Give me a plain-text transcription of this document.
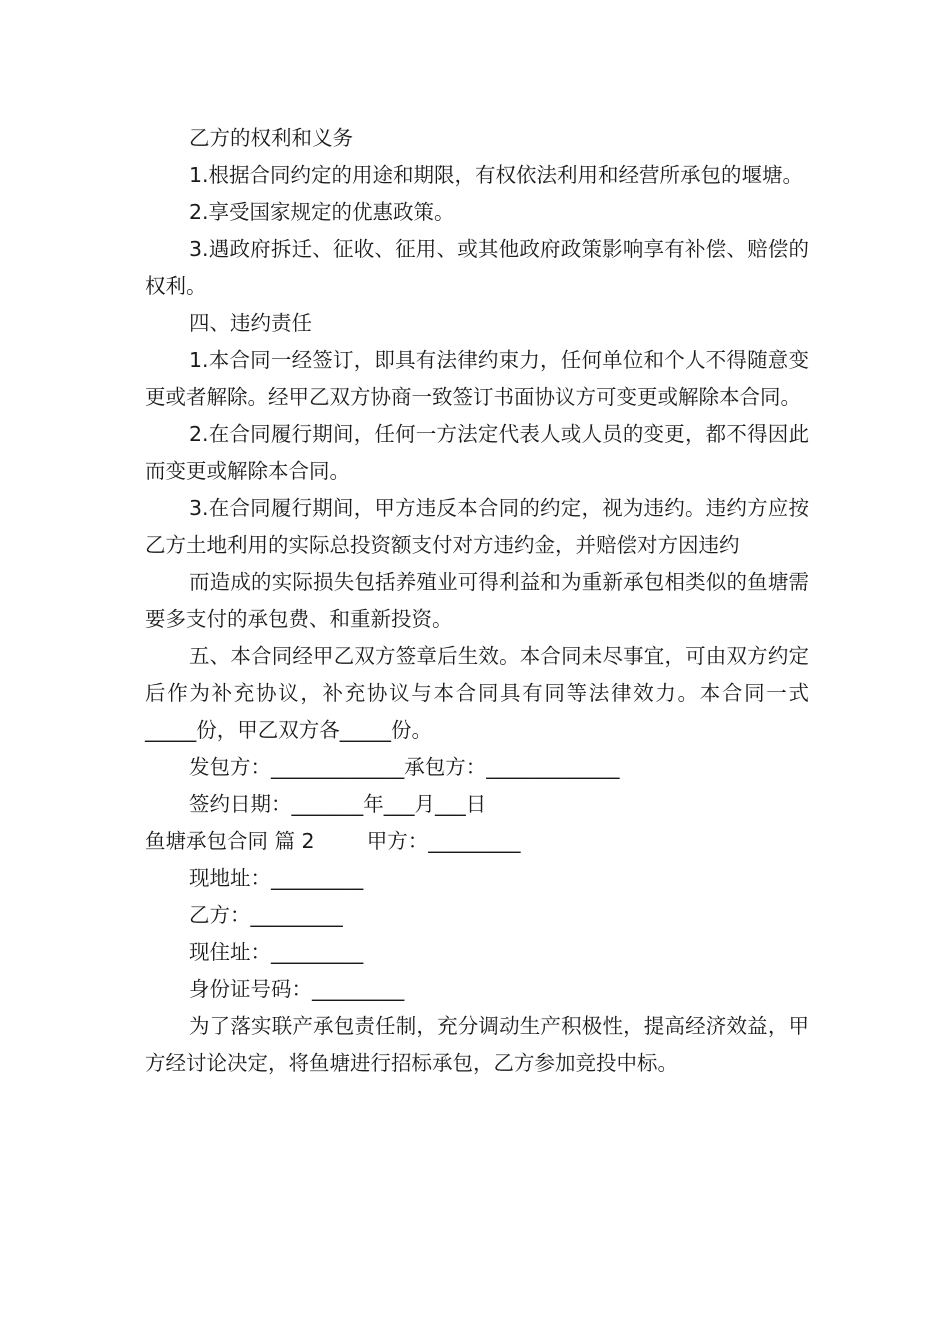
乙方的权利和义务

1.根据合同约定的用途和期限，有权依法利用和经营所承包的堰塘。

2.享受国家规定的优惠政策。

3.遇政府拆迁、征收、征用、或其他政府政策影响享有补偿、赔偿的权利。

四、违约责任

1.本合同一经签订，即具有法律约束力，任何单位和个人不得随意变更或者解除。经甲乙双方协商一致签订书面协议方可变更或解除本合同。

2.在合同履行期间，任何一方法定代表人或人员的变更，都不得因此而变更或解除本合同。

3.在合同履行期间，甲方违反本合同的约定，视为违约。违约方应按乙方土地利用的实际总投资额支付对方违约金，并赔偿对方因违约

而造成的实际损失包括养殖业可得利益和为重新承包相类似的鱼塘需要多支付的承包费、和重新投资。

五、本合同经甲乙双方签章后生效。本合同未尽事宜，可由双方约定后作为补充协议，补充协议与本合同具有同等法律效力。本合同一式_____份，甲乙双方各_____份。

发包方：_____________承包方：_____________

签约日期：_______年___月___日

鱼塘承包合同 篇 2        甲方：_________

现地址：_________

乙方：_________

现住址：_________

身份证号码：_________

为了落实联产承包责任制，充分调动生产积极性，提高经济效益，甲方经讨论决定，将鱼塘进行招标承包，乙方参加竞投中标。
